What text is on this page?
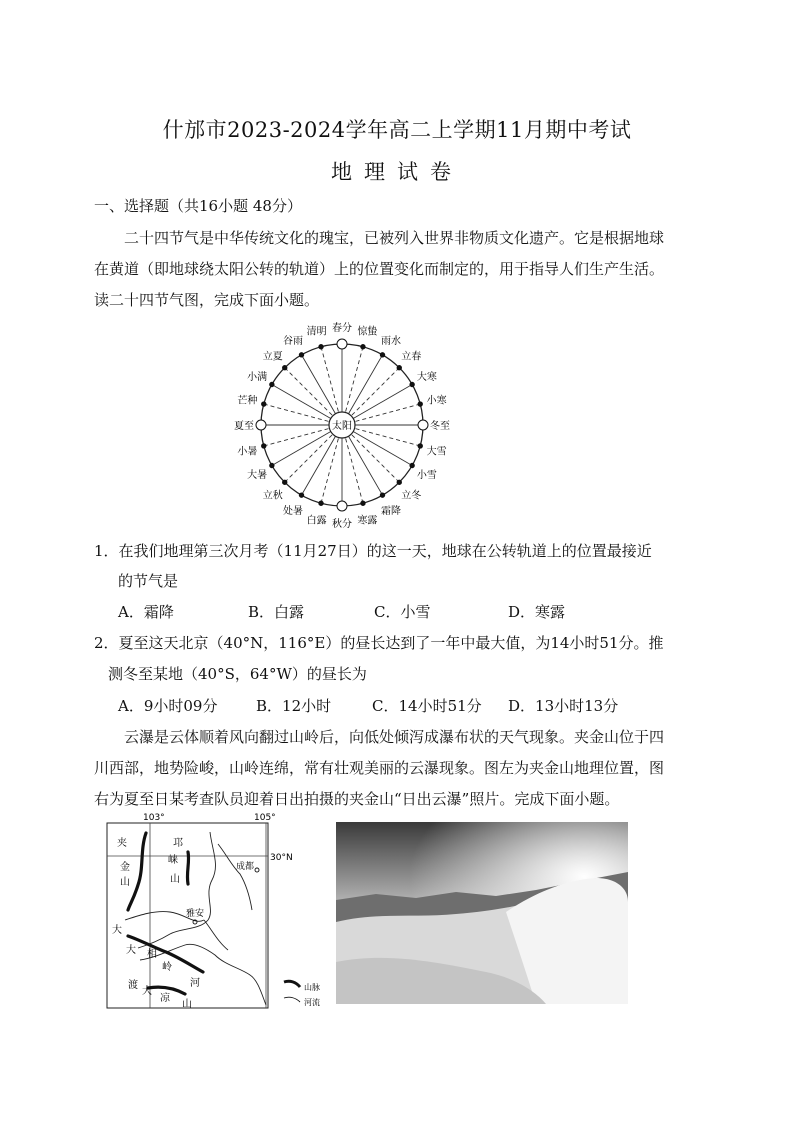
什邡市2023-2024学年高二上学期11月期中考试
地理试卷
一、选择题（共16小题 48分）
二十四节气是中华传统文化的瑰宝，已被列入世界非物质文化遗产。它是根据地球
在黄道（即地球绕太阳公转的轨道）上的位置变化而制定的，用于指导人们生产生活。
读二十四节气图，完成下面小题。
太阳
春分 惊蛰
雨水
立春
大寒
小寒
冬至
大雪
小雪
立冬
霜降
寒露
秋分
白露
处暑
立秋
大暑
小暑
夏至
芒种
小满
立夏
谷雨
清明
1．在我们地理第三次月考（11月27日）的这一天，地球在公转轨道上的位置最接近
的节气是
A．霜降	B．白露	C．小雪	D．寒露
2．夏至这天北京（40°N，116°E）的昼长达到了一年中最大值，为14小时51分。推
测冬至某地（40°S，64°W）的昼长为
A．9小时09分	B．12小时	C．14小时51分 D．13小时13分
云瀑是云体顺着风向翻过山岭后，向低处倾泻成瀑布状的天气现象。夹金山位于四
川西部，地势险峻，山岭连绵，常有壮观美丽的云瀑现象。图左为夹金山地理位置，图
右为夏至日某考查队员迎着日出拍摄的夹金山“日出云瀑”照片。完成下面小题。
103°	105°
30°N
雅安
成都
夹
金
山
邛
崃
山
大
大 相
岭
渡
大
河
凉
山
山脉
河流
